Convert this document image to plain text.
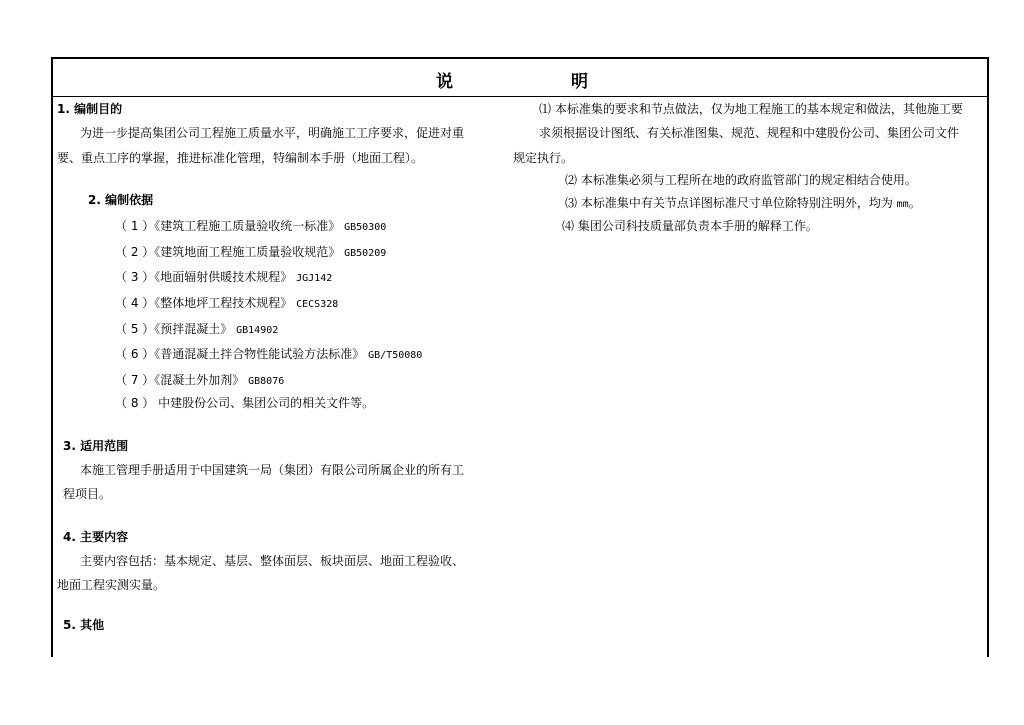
说 明
1. 编制目的
为进一步提高集团公司工程施工质量水平，明确施工工序要求，促进对重
要、重点工序的掌握，推进标准化管理，特编制本手册（地面工程）。
2. 编制依据
（ 1 ）《建筑工程施工质量验收统一标准》 GB50300
（ 2 ）《建筑地面工程施工质量验收规范》 GB50209
（ 3 ）《地面辐射供暖技术规程》 JGJ142
（ 4 ）《整体地坪工程技术规程》 CECS328
（ 5 ）《预拌混凝土》 GB14902
（ 6 ）《普通混凝土拌合物性能试验方法标准》 GB/T50080
（ 7 ）《混凝土外加剂》 GB8076
（ 8 ） 中建股份公司、集团公司的相关文件等。
3. 适用范围
本施工管理手册适用于中国建筑一局（集团）有限公司所属企业的所有工
程项目。
4. 主要内容
主要内容包括：基本规定、基层、整体面层、板块面层、地面工程验收、
地面工程实测实量。
5. 其他
⑴ 本标准集的要求和节点做法，仅为地工程施工的基本规定和做法，其他施工要
求须根据设计图纸、有关标准图集、规范、规程和中建股份公司、集团公司文件
规定执行。
⑵ 本标准集必须与工程所在地的政府监管部门的规定相结合使用。
⑶ 本标准集中有关节点详图标准尺寸单位除特别注明外，均为 mm。
⑷ 集团公司科技质量部负责本手册的解释工作。
